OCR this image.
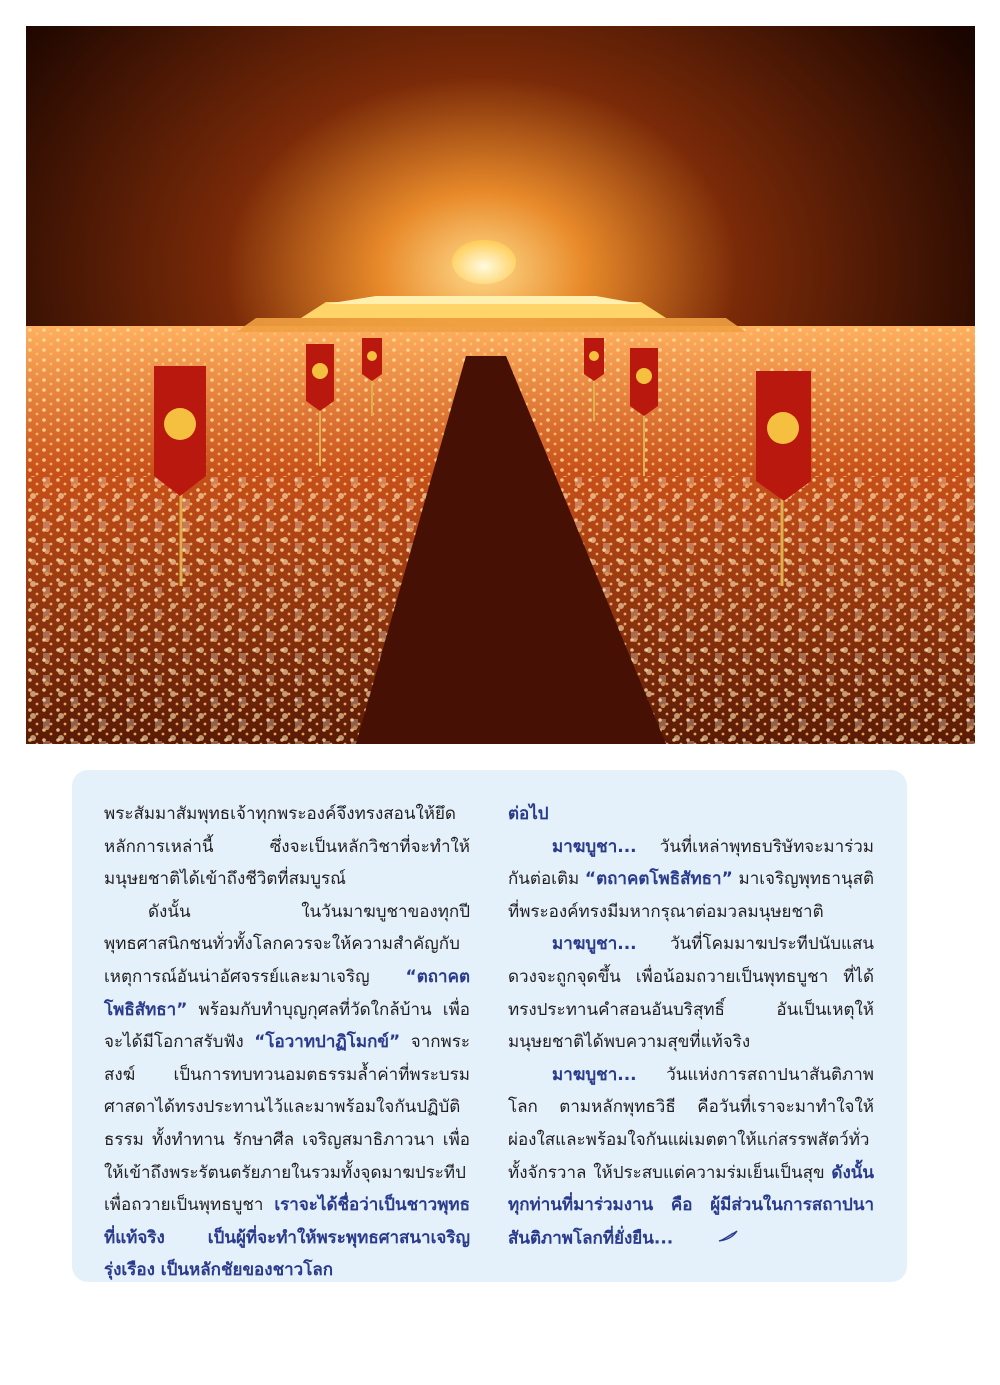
พระสัมมาสัมพุทธเจ้าทุกพระองค์จึงทรงสอนให้ยึดหลักการเหล่านี้ ซึ่งจะเป็นหลักวิชาที่จะทำให้มนุษยชาติได้เข้าถึงชีวิตที่สมบูรณ์

ดังนั้น ในวันมาฆบูชาของทุกปี พุทธศาสนิกชนทั่วทั้งโลกควรจะให้ความสำคัญกับเหตุการณ์อันน่าอัศจรรย์และมาเจริญ “ตถาคตโพธิสัทธา” พร้อมกับทำบุญกุศลที่วัดใกล้บ้าน เพื่อจะได้มีโอกาสรับฟัง “โอวาทปาฏิโมกข์” จากพระสงฆ์ เป็นการทบทวนอมตธรรมล้ำค่าที่พระบรมศาสดาได้ทรงประทานไว้และมาพร้อมใจกันปฏิบัติธรรม ทั้งทำทาน รักษาศีล เจริญสมาธิภาวนา เพื่อให้เข้าถึงพระรัตนตรัยภายในรวมทั้งจุดมาฆประทีปเพื่อถวายเป็นพุทธบูชา เราจะได้ชื่อว่าเป็นชาวพุทธที่แท้จริง เป็นผู้ที่จะทำให้พระพุทธศาสนาเจริญรุ่งเรือง เป็นหลักชัยของชาวโลก

ต่อไป

มาฆบูชา... วันที่เหล่าพุทธบริษัทจะมาร่วมกันต่อเติม “ตถาคตโพธิสัทธา” มาเจริญพุทธานุสติ ที่พระองค์ทรงมีมหากรุณาต่อมวลมนุษยชาติ

มาฆบูชา... วันที่โคมมาฆประทีปนับแสนดวงจะถูกจุดขึ้น เพื่อน้อมถวายเป็นพุทธบูชา ที่ได้ทรงประทานคำสอนอันบริสุทธิ์ อันเป็นเหตุให้มนุษยชาติได้พบความสุขที่แท้จริง

มาฆบูชา... วันแห่งการสถาปนาสันติภาพโลก ตามหลักพุทธวิธี คือวันที่เราจะมาทำใจให้ผ่องใสและพร้อมใจกันแผ่เมตตาให้แก่สรรพสัตว์ทั่วทั้งจักรวาล ให้ประสบแต่ความร่มเย็นเป็นสุข ดังนั้น ทุกท่านที่มาร่วมงาน คือ ผู้มีส่วนในการสถาปนาสันติภาพโลกที่ยั่งยืน...
